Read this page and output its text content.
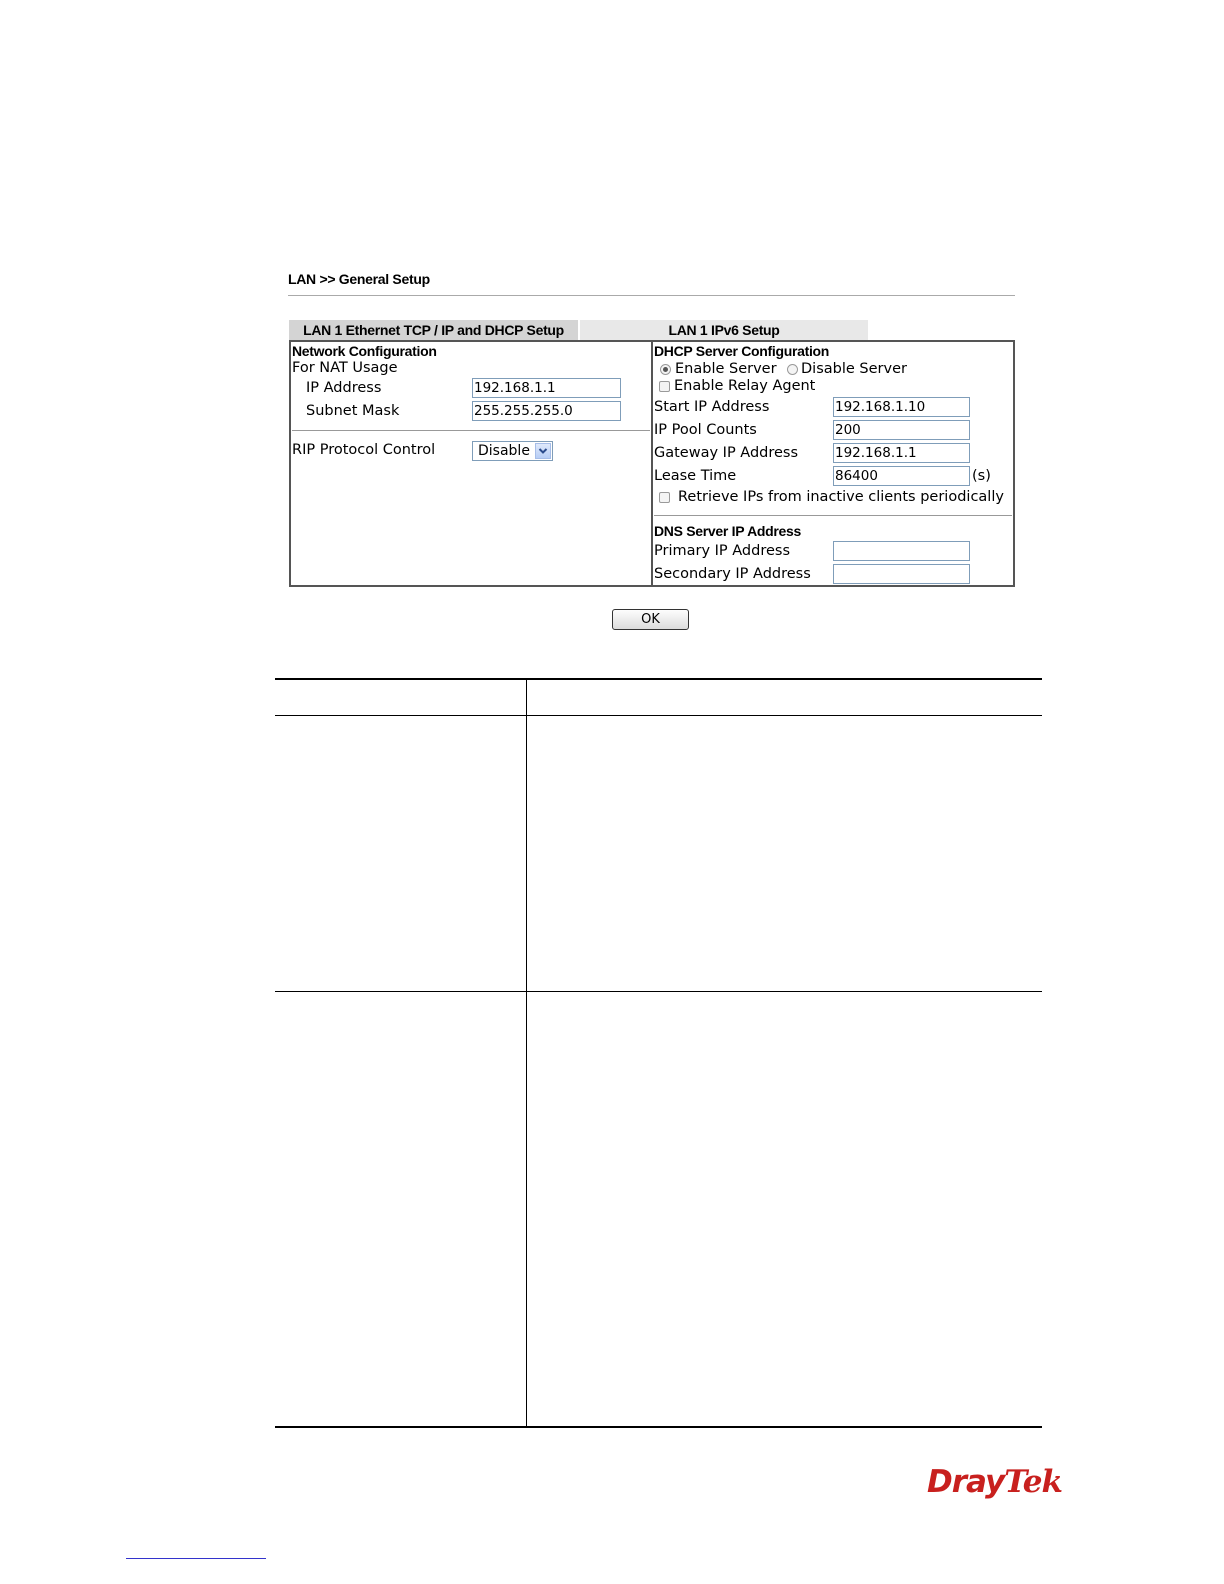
LAN >> General Setup
LAN 1 Ethernet TCP / IP and DHCP Setup	LAN 1 IPv6 Setup
Network Configuration
For NAT Usage
IP Address	192.168.1.1
Subnet Mask	255.255.255.0
RIP Protocol Control	Disable
DHCP Server Configuration
Enable Server Disable Server
Enable Relay Agent
Start IP Address	192.168.1.10
IP Pool Counts	200
Gateway IP Address	192.168.1.1
Lease Time	86400	(s)
Retrieve IPs from inactive clients periodically
DNS Server IP Address
Primary IP Address
Secondary IP Address
OK
DrayTek
